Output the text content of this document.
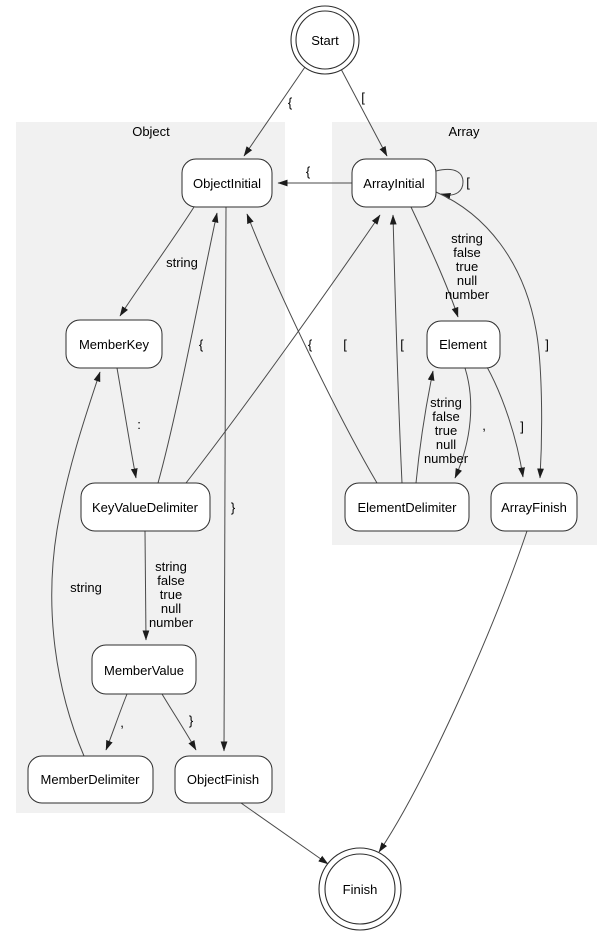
Object	Array
{	[
{
[
string
false
true
null
number
]
string
}
:
string
false
true
null
number
{	[
,	}
string
,	]
string
false
true
null
number
{	[
Start
ObjectInitial	ArrayInitial
MemberKey	Element
KeyValueDelimiter	ElementDelimiter	ArrayFinish
MemberValue
MemberDelimiter	ObjectFinish
Finish
